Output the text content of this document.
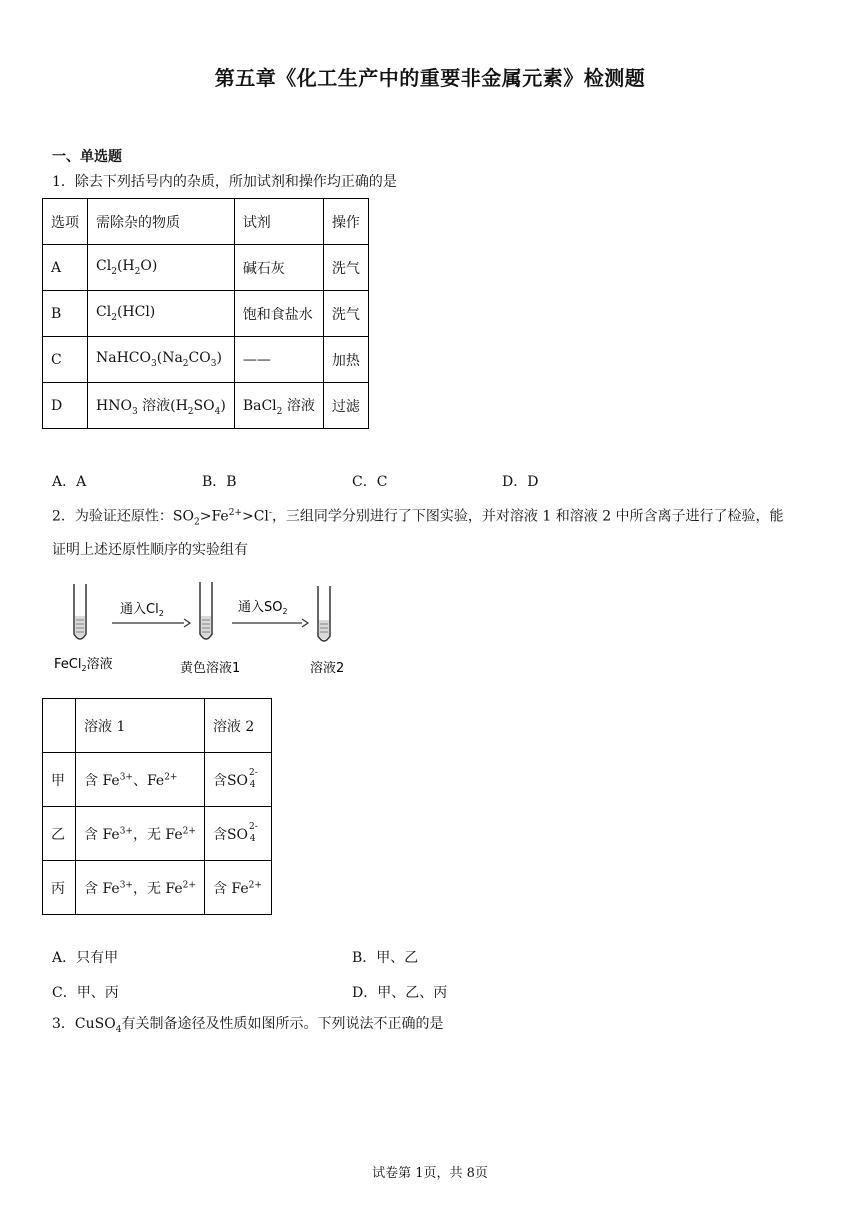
第五章《化工生产中的重要非金属元素》检测题
一、单选题
1．除去下列括号内的杂质，所加试剂和操作均正确的是
选项	需除杂的物质	试剂	操作
A	$Cl_2(H_2O)$	碱石灰	洗气
B	$Cl_2(HCl)$	饱和食盐水	洗气
C	$NaHCO_3(Na_2CO_3)$	——	加热
D	$HNO_3$ 溶液$(H_2SO_4)$	BaCl$_2$ 溶液	过滤
A．A	B．B	C．C	D．D
2．为验证还原性：$SO_2>Fe^{2+}>Cl^-$，三组同学分别进行了下图实验，并对溶液 1 和溶液 2 中所含离子进行了检验，能
证明上述还原性顺序的实验组有
FeCl$_2$溶液
通入$Cl_2$
黄色溶液1
通入$SO_2$
溶液2
	溶液 1	溶液 2
甲	含 $Fe^{3+}$、$Fe^{2+}$	含$SO^{2-}4$
乙	含 $Fe^{3+}$，无 $Fe^{2+}$	含$SO^{2-}4$
丙	含 $Fe^{3+}$，无 $Fe^{2+}$	含 $Fe^{2+}$
A．只有甲	B．甲、乙
C．甲、丙	D．甲、乙、丙
3．CuSO$_4$有关制备途径及性质如图所示。下列说法不正确的是
试卷第 1页，共 8页
